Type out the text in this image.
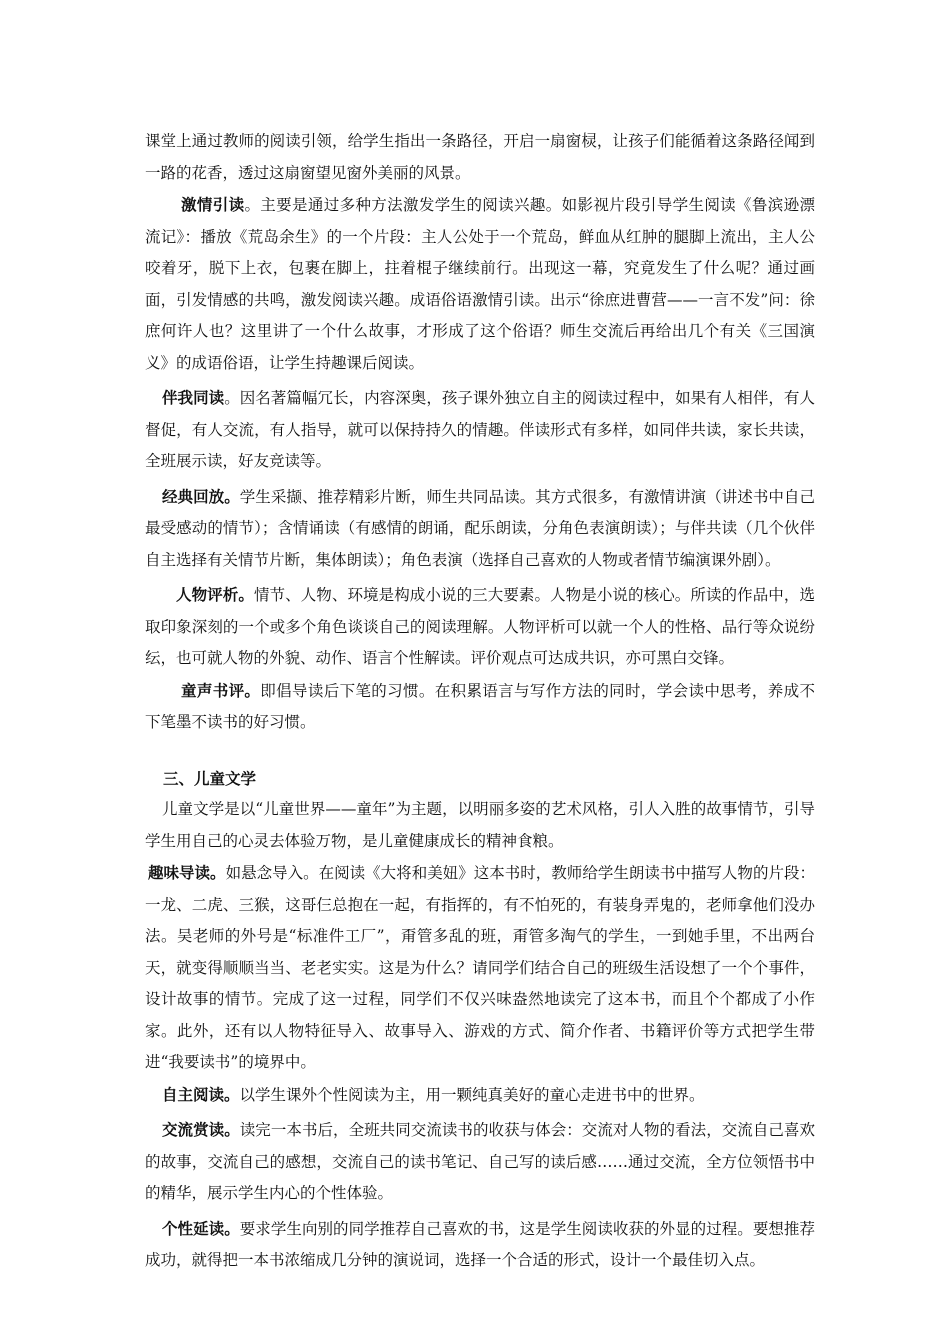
课堂上通过教师的阅读引领，给学生指出一条路径，开启一扇窗棂，让孩子们能循着这条路径闻到一路的花香，透过这扇窗望见窗外美丽的风景。

激情引读。主要是通过多种方法激发学生的阅读兴趣。如影视片段引导学生阅读《鲁滨逊漂流记》：播放《荒岛余生》的一个片段：主人公处于一个荒岛，鲜血从红肿的腿脚上流出，主人公咬着牙，脱下上衣，包裹在脚上，拄着棍子继续前行。出现这一幕，究竟发生了什么呢？通过画面，引发情感的共鸣，激发阅读兴趣。成语俗语激情引读。出示“徐庶进曹营——一言不发”问：徐庶何许人也？这里讲了一个什么故事，才形成了这个俗语？师生交流后再给出几个有关《三国演义》的成语俗语，让学生持趣课后阅读。

伴我同读。因名著篇幅冗长，内容深奥，孩子课外独立自主的阅读过程中，如果有人相伴，有人督促，有人交流，有人指导，就可以保持持久的情趣。伴读形式有多样，如同伴共读，家长共读，全班展示读，好友竞读等。

经典回放。学生采撷、推荐精彩片断，师生共同品读。其方式很多，有激情讲演（讲述书中自己最受感动的情节）；含情诵读（有感情的朗诵，配乐朗读，分角色表演朗读）；与伴共读（几个伙伴自主选择有关情节片断，集体朗读）；角色表演（选择自己喜欢的人物或者情节编演课外剧）。

人物评析。情节、人物、环境是构成小说的三大要素。人物是小说的核心。所读的作品中，选取印象深刻的一个或多个角色谈谈自己的阅读理解。人物评析可以就一个人的性格、品行等众说纷纭，也可就人物的外貌、动作、语言个性解读。评价观点可达成共识，亦可黑白交锋。

童声书评。即倡导读后下笔的习惯。在积累语言与写作方法的同时，学会读中思考，养成不下笔墨不读书的好习惯。

三、儿童文学

儿童文学是以“儿童世界——童年”为主题，以明丽多姿的艺术风格，引人入胜的故事情节，引导学生用自己的心灵去体验万物，是儿童健康成长的精神食粮。

趣味导读。如悬念导入。在阅读《大将和美妞》这本书时，教师给学生朗读书中描写人物的片段：一龙、二虎、三猴，这哥仨总抱在一起，有指挥的，有不怕死的，有装身弄鬼的，老师拿他们没办法。吴老师的外号是“标准件工厂”，甭管多乱的班，甭管多淘气的学生，一到她手里，不出两台天，就变得顺顺当当、老老实实。这是为什么？请同学们结合自己的班级生活设想了一个个事件，设计故事的情节。完成了这一过程，同学们不仅兴味盎然地读完了这本书，而且个个都成了小作家。此外，还有以人物特征导入、故事导入、游戏的方式、简介作者、书籍评价等方式把学生带进“我要读书”的境界中。

自主阅读。以学生课外个性阅读为主，用一颗纯真美好的童心走进书中的世界。

交流赏读。读完一本书后，全班共同交流读书的收获与体会：交流对人物的看法，交流自己喜欢的故事，交流自己的感想，交流自己的读书笔记、自己写的读后感……通过交流，全方位领悟书中的精华，展示学生内心的个性体验。

个性延读。要求学生向别的同学推荐自己喜欢的书，这是学生阅读收获的外显的过程。要想推荐成功，就得把一本书浓缩成几分钟的演说词，选择一个合适的形式，设计一个最佳切入点。
